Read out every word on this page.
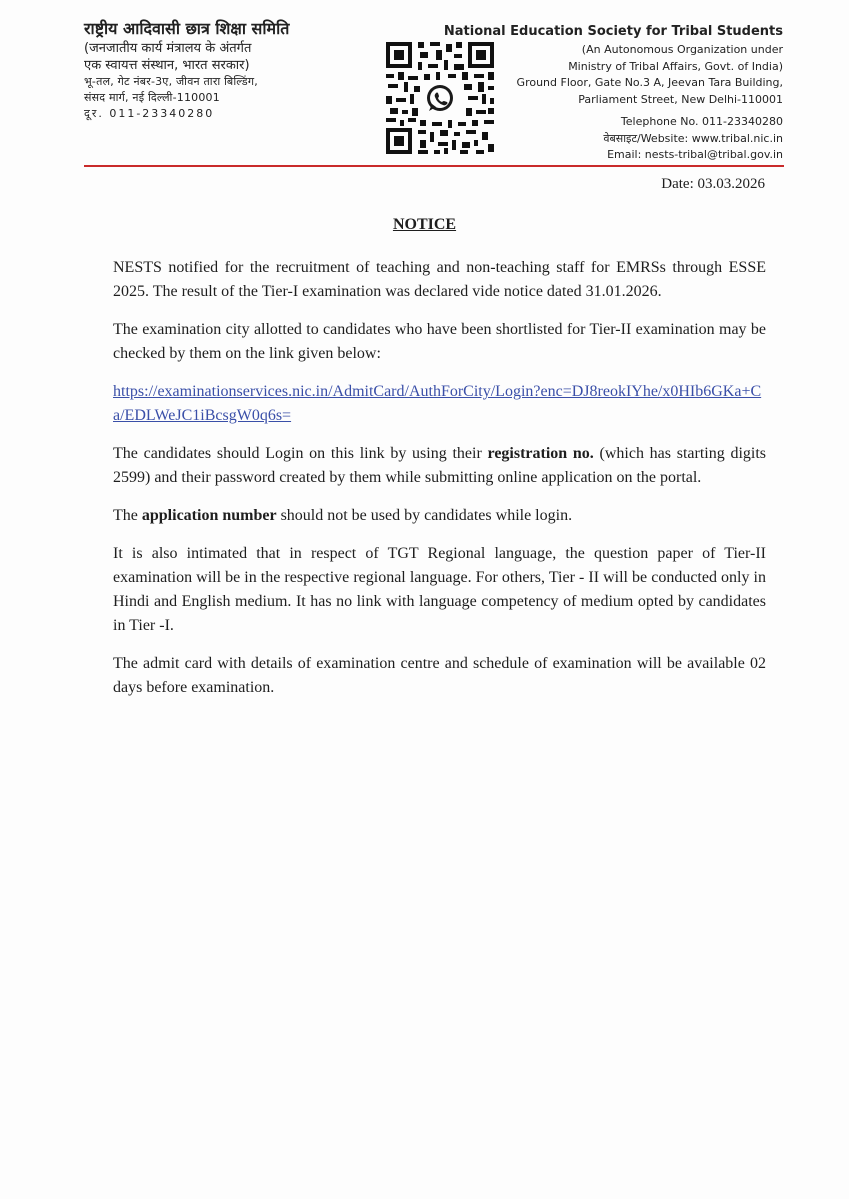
राष्ट्रीय आदिवासी छात्र शिक्षा समिति
(जनजातीय कार्य मंत्रालय के अंतर्गत
एक स्वायत्त संस्थान, भारत सरकार)
भू-तल, गेट नंबर-3ए, जीवन तारा बिल्डिंग,
संसद मार्ग, नई दिल्ली-110001
दूर. 011-23340280
National Education Society for Tribal Students
(An Autonomous Organization under
Ministry of Tribal Affairs, Govt. of India)
Ground Floor, Gate No.3 A, Jeevan Tara Building,
Parliament Street, New Delhi-110001
Telephone No. 011-23340280
वेबसाइट/Website: www.tribal.nic.in
Email: nests-tribal@tribal.gov.in
Date: 03.03.2026
NOTICE

NESTS notified for the recruitment of teaching and non-teaching staff for EMRSs through ESSE 2025. The result of the Tier-I examination was declared vide notice dated 31.01.2026.

The examination city allotted to candidates who have been shortlisted for Tier-II examination may be checked by them on the link given below:

https://examinationservices.nic.in/AdmitCard/AuthForCity/Login?enc=DJ8reokIYhe/x0HIb6GKa+Ca/EDLWeJC1iBcsgW0q6s=

The candidates should Login on this link by using their registration no. (which has starting digits 2599) and their password created by them while submitting online application on the portal.

The application number should not be used by candidates while login.

It is also intimated that in respect of TGT Regional language, the question paper of Tier-II examination will be in the respective regional language. For others, Tier - II will be conducted only in Hindi and English medium. It has no link with language competency of medium opted by candidates in Tier -I.

The admit card with details of examination centre and schedule of examination will be available 02 days before examination.
